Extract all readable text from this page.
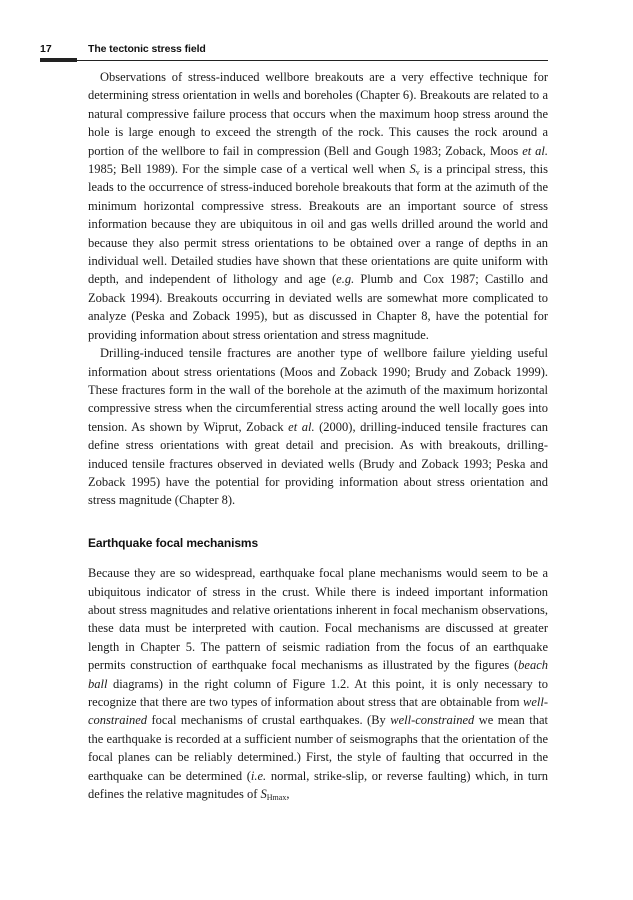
17	The tectonic stress field

Observations of stress-induced wellbore breakouts are a very effective technique for determining stress orientation in wells and boreholes (Chapter 6). Breakouts are related to a natural compressive failure process that occurs when the maximum hoop stress around the hole is large enough to exceed the strength of the rock. This causes the rock around a portion of the wellbore to fail in compression (Bell and Gough 1983; Zoback, Moos et al. 1985; Bell 1989). For the simple case of a vertical well when $S_v$ is a principal stress, this leads to the occurrence of stress-induced borehole breakouts that form at the azimuth of the minimum horizontal compressive stress. Breakouts are an important source of stress information because they are ubiquitous in oil and gas wells drilled around the world and because they also permit stress orientations to be obtained over a range of depths in an individual well. Detailed studies have shown that these orientations are quite uniform with depth, and independent of lithology and age (e.g. Plumb and Cox 1987; Castillo and Zoback 1994). Breakouts occurring in deviated wells are somewhat more complicated to analyze (Peska and Zoback 1995), but as discussed in Chapter 8, have the potential for providing information about stress orientation and stress magnitude.

Drilling-induced tensile fractures are another type of wellbore failure yielding useful information about stress orientations (Moos and Zoback 1990; Brudy and Zoback 1999). These fractures form in the wall of the borehole at the azimuth of the maximum horizontal compressive stress when the circumferential stress acting around the well locally goes into tension. As shown by Wiprut, Zoback et al. (2000), drilling-induced tensile fractures can define stress orientations with great detail and precision. As with breakouts, drilling-induced tensile fractures observed in deviated wells (Brudy and Zoback 1993; Peska and Zoback 1995) have the potential for providing information about stress orientation and stress magnitude (Chapter 8).

Earthquake focal mechanisms

Because they are so widespread, earthquake focal plane mechanisms would seem to be a ubiquitous indicator of stress in the crust. While there is indeed important information about stress magnitudes and relative orientations inherent in focal mechanism observations, these data must be interpreted with caution. Focal mechanisms are discussed at greater length in Chapter 5. The pattern of seismic radiation from the focus of an earthquake permits construction of earthquake focal mechanisms as illustrated by the figures (beach ball diagrams) in the right column of Figure 1.2. At this point, it is only necessary to recognize that there are two types of information about stress that are obtainable from well-constrained focal mechanisms of crustal earthquakes. (By well-constrained we mean that the earthquake is recorded at a sufficient number of seismographs that the orientation of the focal planes can be reliably determined.) First, the style of faulting that occurred in the earthquake can be determined (i.e. normal, strike-slip, or reverse faulting) which, in turn defines the relative magnitudes of $S_{Hmax}$,
